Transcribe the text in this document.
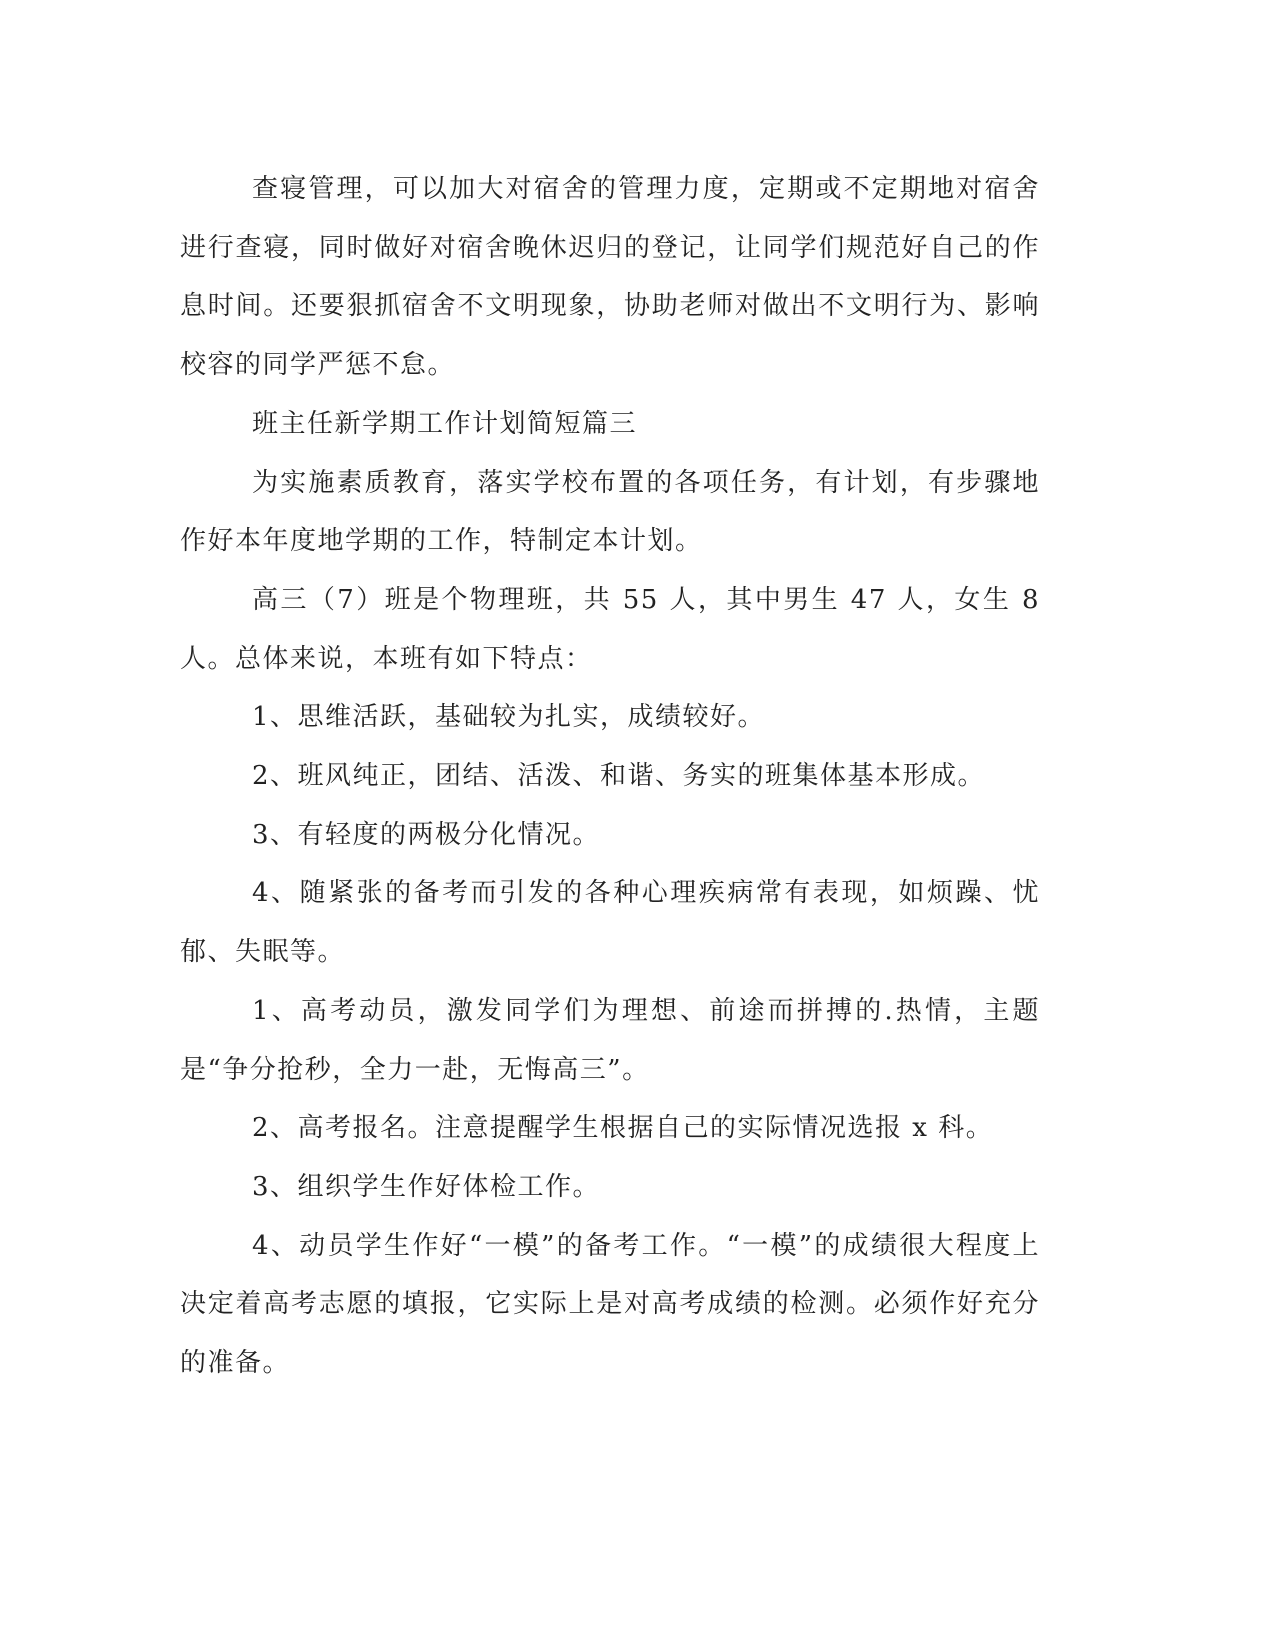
查寝管理，可以加大对宿舍的管理力度，定期或不定期地对宿舍进行查寝，同时做好对宿舍晚休迟归的登记，让同学们规范好自己的作息时间。还要狠抓宿舍不文明现象，协助老师对做出不文明行为、影响校容的同学严惩不怠。

班主任新学期工作计划简短篇三

为实施素质教育，落实学校布置的各项任务，有计划，有步骤地作好本年度地学期的工作，特制定本计划。

高三（7）班是个物理班，共 55 人，其中男生 47 人，女生 8 人。总体来说，本班有如下特点：

1、思维活跃，基础较为扎实，成绩较好。

2、班风纯正，团结、活泼、和谐、务实的班集体基本形成。

3、有轻度的两极分化情况。

4、随紧张的备考而引发的各种心理疾病常有表现，如烦躁、忧郁、失眠等。

1、高考动员，激发同学们为理想、前途而拼搏的.热情，主题是“争分抢秒，全力一赴，无悔高三”。

2、高考报名。注意提醒学生根据自己的实际情况选报 x 科。

3、组织学生作好体检工作。

4、动员学生作好“一模”的备考工作。“一模”的成绩很大程度上决定着高考志愿的填报，它实际上是对高考成绩的检测。必须作好充分的准备。
